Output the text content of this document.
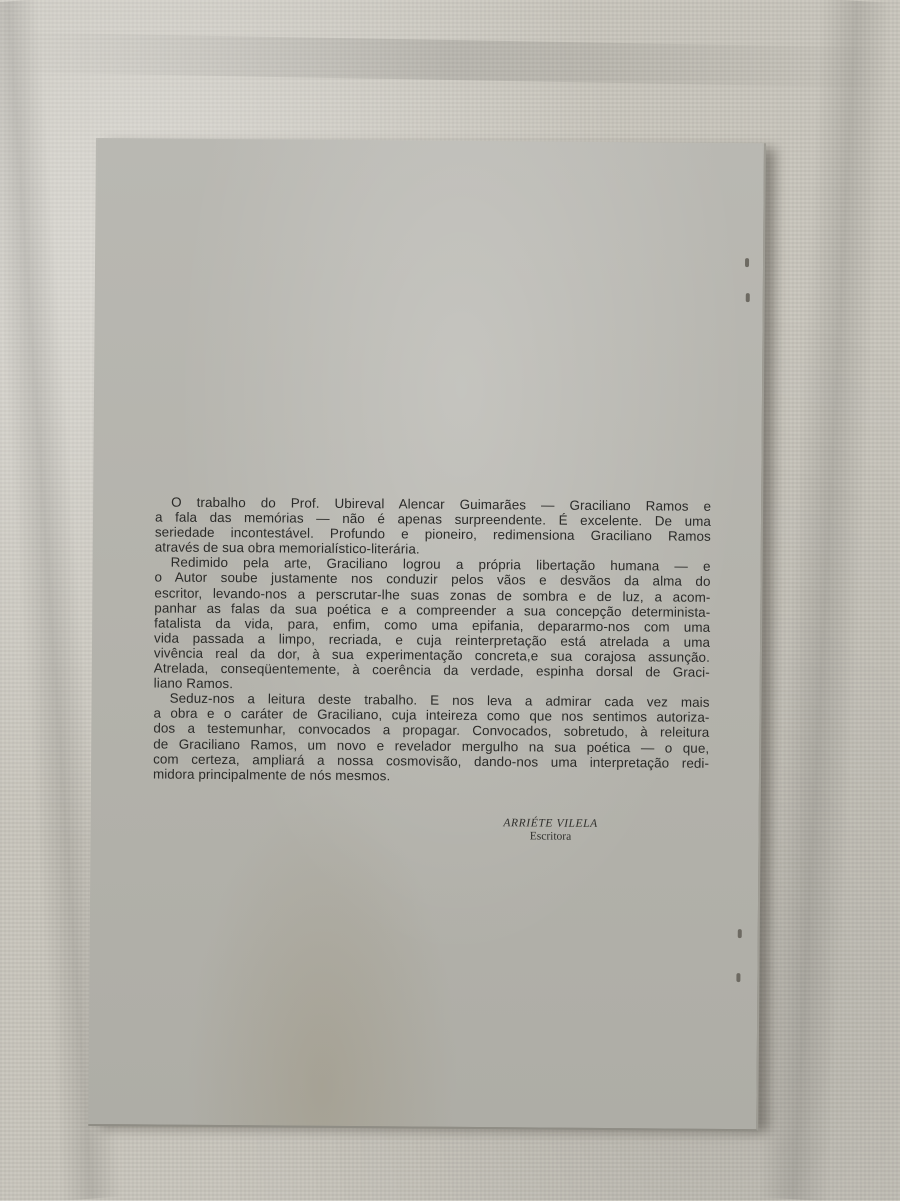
O trabalho do Prof. Ubireval Alencar Guimarães — Graciliano Ramos e
a fala das memórias — não é apenas surpreendente. É excelente. De uma
seriedade incontestável. Profundo e pioneiro, redimensiona Graciliano Ramos
através de sua obra memorialístico-literária.

Redimido pela arte, Graciliano logrou a própria libertação humana — e
o Autor soube justamente nos conduzir pelos vãos e desvãos da alma do
escritor, levando-nos a perscrutar-lhe suas zonas de sombra e de luz, a acom-
panhar as falas da sua poética e a compreender a sua concepção determinista-
fatalista da vida, para, enfim, como uma epifania, depararmo-nos com uma
vida passada a limpo, recriada, e cuja reinterpretação está atrelada a uma
vivência real da dor, à sua experimentação concreta,e sua corajosa assunção.
Atrelada, conseqüentemente, à coerência da verdade, espinha dorsal de Graci-
liano Ramos.

Seduz-nos a leitura deste trabalho. E nos leva a admirar cada vez mais
a obra e o caráter de Graciliano, cuja inteireza como que nos sentimos autoriza-
dos a testemunhar, convocados a propagar. Convocados, sobretudo, à releitura
de Graciliano Ramos, um novo e revelador mergulho na sua poética — o que,
com certeza, ampliará a nossa cosmovisão, dando-nos uma interpretação redi-
midora principalmente de nós mesmos.

ARRIÉTE VILELA
Escritora
